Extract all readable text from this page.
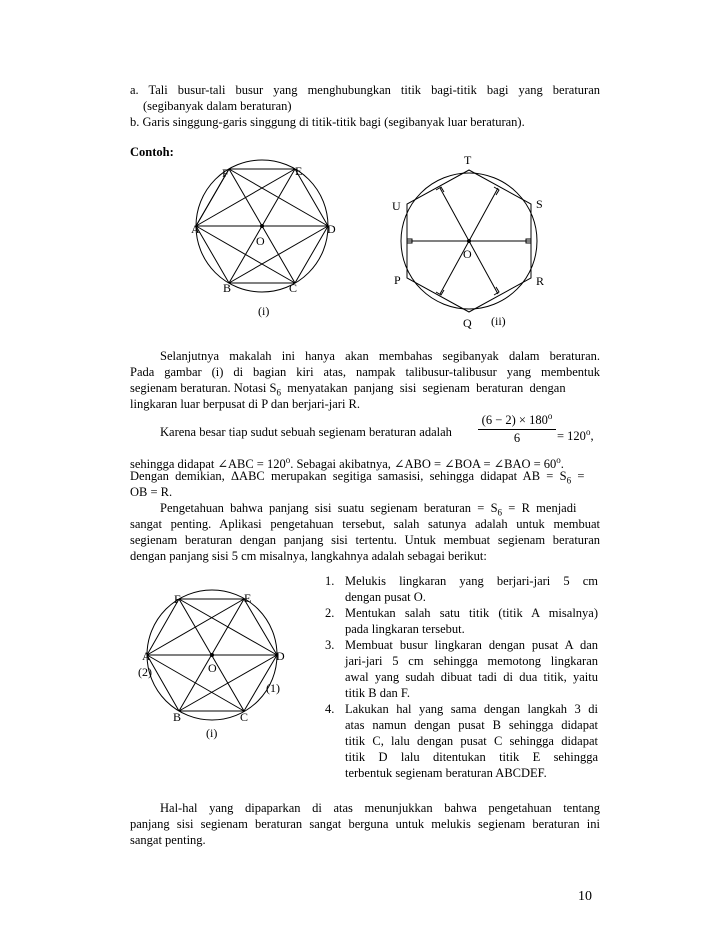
a. Tali busur-tali busur yang menghubungkan titik bagi-titik bagi yang beraturan
(segibanyak dalam beraturan)
b. Garis singgung-garis singgung di titik-titik bagi (segibanyak luar beraturan).
Contoh:
F	E
A	D
O
B	C
(i)
T
U	S
O
P	R
Q (ii)
Selanjutnya makalah ini hanya akan membahas segibanyak dalam beraturan.
Pada gambar (i) di bagian kiri atas, nampak talibusur-talibusur yang membentuk
segienam beraturan. Notasi $S_6$  menyatakan  panjang  sisi  segienam  beraturan  dengan
lingkaran luar berpusat di P dan berjari-jari R.
Karena besar tiap sudut sebuah segienam beraturan adalah	$\frac{(6 - 2) \times 180^o}{6} = 120^o$,
sehingga didapat ∠ABC = $120^o$. Sebagai akibatnya, ∠ABO = ∠BOA = ∠BAO = $60^o$.
Dengan  demikian,  ΔABC  merupakan  segitiga  samasisi,  sehingga  didapat  AB  =  $S_6$  =
OB = R.
Pengetahuan  bahwa  panjang  sisi  suatu  segienam  beraturan  =  $S_6 = R$  menjadi
sangat penting. Aplikasi pengetahuan tersebut, salah satunya adalah untuk membuat
segienam beraturan dengan panjang sisi tertentu. Untuk membuat segienam beraturan
dengan panjang sisi 5 cm misalnya, langkahnya adalah sebagai berikut:
F	E
A
(2)
D
O
(1)
B	C
(i)
1. Melukis lingkaran yang berjari-jari 5 cm
dengan pusat O.
2. Mentukan salah satu titik (titik A misalnya)
pada lingkaran tersebut.
3. Membuat busur lingkaran dengan pusat A dan
jari-jari 5 cm sehingga memotong lingkaran
awal yang sudah dibuat tadi di dua titik, yaitu
titik B dan F.
4. Lakukan hal yang sama dengan langkah 3 di
atas namun dengan pusat B sehingga didapat
titik C, lalu dengan pusat C sehingga didapat
titik D lalu ditentukan titik E sehingga
terbentuk segienam beraturan ABCDEF.
Hal-hal yang dipaparkan di atas menunjukkan bahwa pengetahuan tentang
panjang sisi segienam beraturan sangat berguna untuk melukis segienam beraturan ini
sangat penting.
10
